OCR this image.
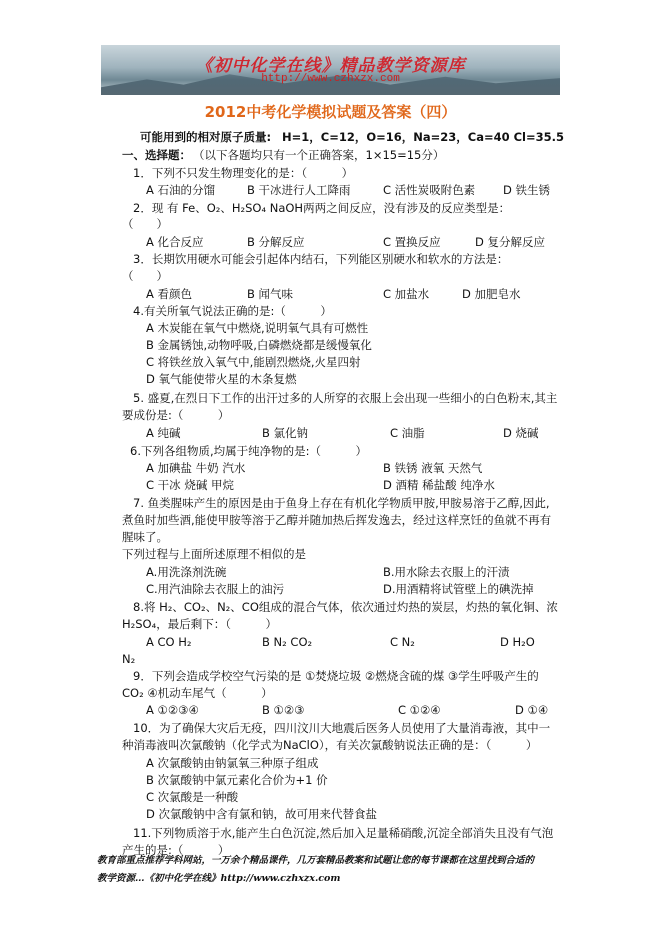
《初中化学在线》精品教学资源库
http://www.czhxzx.com
2012中考化学模拟试题及答案（四）
可能用到的相对原子质量: H=1，C=12，O=16，Na=23，Ca=40 Cl=35.5
一、选择题： （以下各题均只有一个正确答案，1×15=15分）
1．下列不只发生物理变化的是：（　　　）
A 石油的分馏	B 干冰进行人工降雨	C 活性炭吸附色素 D 铁生锈
2．现 有 Fe、O₂、H₂SO₄ NaOH两两之间反应，没有涉及的反应类型是：
（　　）
A 化合反应	B 分解反应	C 置换反应	D 复分解反应
3．长期饮用硬水可能会引起体内结石，下列能区别硬水和软水的方法是：
（　　）
A 看颜色	B 闻气味	C 加盐水	D 加肥皂水
4.有关所氧气说法正确的是:（　　　）
A 木炭能在氧气中燃烧,说明氧气具有可燃性
B 金属锈蚀,动物呼吸,白磷燃烧都是缓慢氧化
C 将铁丝放入氧气中,能剧烈燃烧,火星四射
D 氧气能使带火星的木条复燃
5. 盛夏,在烈日下工作的出汗过多的人所穿的衣服上会出现一些细小的白色粉末,其主
要成份是:（　　　）
A 纯碱	B 氯化钠	C 油脂	D 烧碱
6.下列各组物质,均属于纯净物的是:（　　　）
A 加碘盐 牛奶 汽水	B 铁锈 液氧 天然气
C 干冰 烧碱 甲烷	D 酒精 稀盐酸 纯净水
7. 鱼类腥味产生的原因是由于鱼身上存在有机化学物质甲胺,甲胺易溶于乙醇,因此,
煮鱼时加些酒,能使甲胺等溶于乙醇并随加热后挥发逸去，经过这样烹饪的鱼就不再有
腥味了。
下列过程与上面所述原理不相似的是
A.用洗涤剂洗碗	B.用水除去衣服上的汗渍
C.用汽油除去衣服上的油污	D.用酒精将试管壁上的碘洗掉
8.将 H₂、CO₂、N₂、CO组成的混合气体，依次通过灼热的炭层，灼热的氧化铜、浓
H₂SO₄，最后剩下：（　　　）
A CO H₂	B N₂ CO₂	C N₂	D H₂O
N₂
9．下列会造成学校空气污染的是 ①焚烧垃圾 ②燃烧含硫的煤 ③学生呼吸产生的
CO₂ ④机动车尾气（　　　）
A ①②③④	B ①②③	C ①②④	D ①④
10．为了确保大灾后无疫，四川汶川大地震后医务人员使用了大量消毒液，其中一
种消毒液叫次氯酸钠（化学式为NaClO），有关次氯酸钠说法正确的是：（　　　）
A 次氯酸钠由钠氯氧三种原子组成
B 次氯酸钠中氯元素化合价为+1 价
C 次氯酸是一种酸
D 次氯酸钠中含有氯和钠，故可用来代替食盐
11.下列物质溶于水,能产生白色沉淀,然后加入足量稀硝酸,沉淀全部消失且没有气泡
产生的是:（　　　）
教育部重点推荐学科网站，一万余个精品课件，几万套精品教案和试题让您的每节课都在这里找到合适的
教学资源…《初中化学在线》http://www.czhxzx.com
